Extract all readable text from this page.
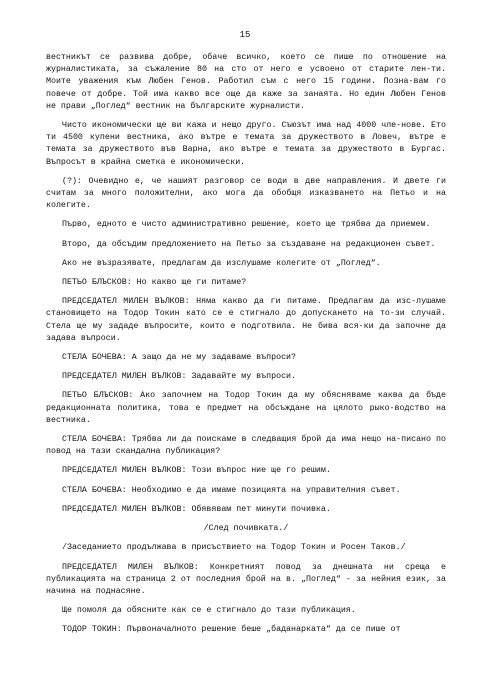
15

вестникът се развива добре, обаче всичко, което се пише по отношение на журналистиката, за съжаление 80 на сто от него е усвоено от старите лен-ти. Моите уважения към Любен Генов. Работил съм с него 15 години. Позна-вам го повече от добре. Той има какво все още да каже за занаята. Но един Любен Генов не прави „Поглед“ вестник на българските журналисти.

Чисто икономически ще ви кажа и нещо друго. Съюзът има над 4000 чле-нове. Ето ти 4500 купени вестника, ако вътре е темата за дружеството в Ловеч, вътре е темата за дружеството във Варна, ако вътре е темата за дружеството в Бургас. Въпросът в крайна сметка е икономически.

(?): Очевидно е, че нашият разговор се води в две направления. И двете ги считам за много положителни, ако мога да обобщя изказването на Петьо и на колегите.

Първо, едното е чисто административно решение, което ще трябва да приемем.

Второ, да обсъдим предложението на Петьо за създаване на редакционен съвет.

Ако не възразявате, предлагам да изслушаме колегите от „Поглед“.

ПЕТЬО БЛЪСКОВ: Но какво ще ги питаме?

ПРЕДСЕДАТЕЛ МИЛЕН ВЪЛКОВ: Няма какво да ги питаме. Предлагам да изс-лушаме становището на Тодор Токин като се е стигнало до допускането на то-зи случай. Стела ще му зададе въпросите, които е подготвила. Не бива вся-ки да започне да задава въпроси.

СТЕЛА БОЧЕВА: А защо да не му задаваме въпроси?

ПРЕДСЕДАТЕЛ МИЛЕН ВЪЛКОВ: Задавайте му въпроси.

ПЕТЬО БЛЪСКОВ: Ако започнем на Тодор Токин да му обясняваме каква да бъде редакционната политика, това е предмет на обсъждане на цялото рыко-водство на вестника.

СТЕЛА БОЧЕВА: Трябва ли да поискаме в следващия брой да има нещо на-писано по повод на тази скандална публикация?

ПРЕДСЕДАТЕЛ МИЛЕН ВЪЛКОВ: Този въпрос ние ще го решим.

СТЕЛА БОЧЕВА: Необходимо е да имаме позицията на управителния съвет.

ПРЕДСЕДАТЕЛ МИЛЕН ВЪЛКОВ: Обявявам пет минути почивка.

/След почивката./

/Заседанието продължава в присъствието на Тодор Токин и Росен Таков./

ПРЕДСЕДАТЕЛ МИЛЕН ВЪЛКОВ: Конкретният повод за днешната ни среща е публикацията на страница 2 от последния брой на в. „Поглед“ - за нейния език, за начина на поднасяне.

Ще помоля да обясните как се е стигнало до тази публикация.

ТОДОР ТОКИН: Първоначалното решение беше „баданарката“ да се пише от
